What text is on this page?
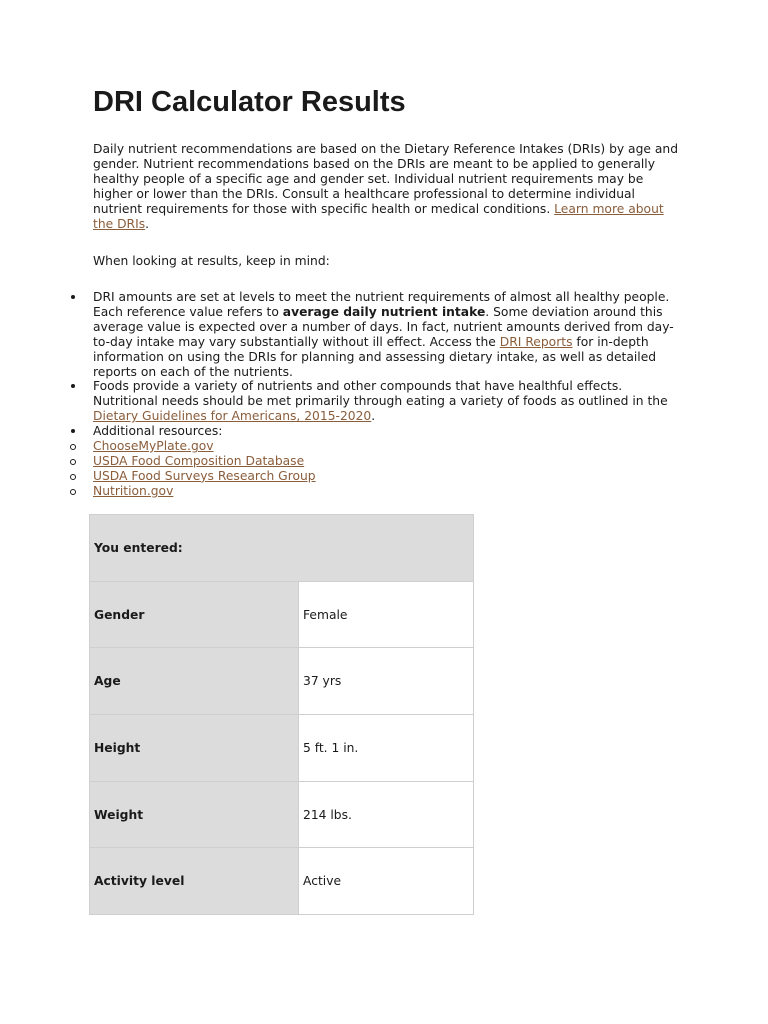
DRI Calculator Results

Daily nutrient recommendations are based on the Dietary Reference Intakes (DRIs) by age and gender. Nutrient recommendations based on the DRIs are meant to be applied to generally healthy people of a specific age and gender set. Individual nutrient requirements may be higher or lower than the DRIs. Consult a healthcare professional to determine individual nutrient requirements for those with specific health or medical conditions. Learn more about the DRIs.

When looking at results, keep in mind:

DRI amounts are set at levels to meet the nutrient requirements of almost all healthy people. Each reference value refers to average daily nutrient intake. Some deviation around this average value is expected over a number of days. In fact, nutrient amounts derived from day-to-day intake may vary substantially without ill effect. Access the DRI Reports for in-depth information on using the DRIs for planning and assessing dietary intake, as well as detailed reports on each of the nutrients.
Foods provide a variety of nutrients and other compounds that have healthful effects. Nutritional needs should be met primarily through eating a variety of foods as outlined in the Dietary Guidelines for Americans, 2015-2020.
Additional resources:
ChooseMyPlate.gov
USDA Food Composition Database
USDA Food Surveys Research Group
Nutrition.gov
You entered:	
Gender	Female
Age	37 yrs
Height	5 ft. 1 in.
Weight	214 lbs.
Activity level	Active
